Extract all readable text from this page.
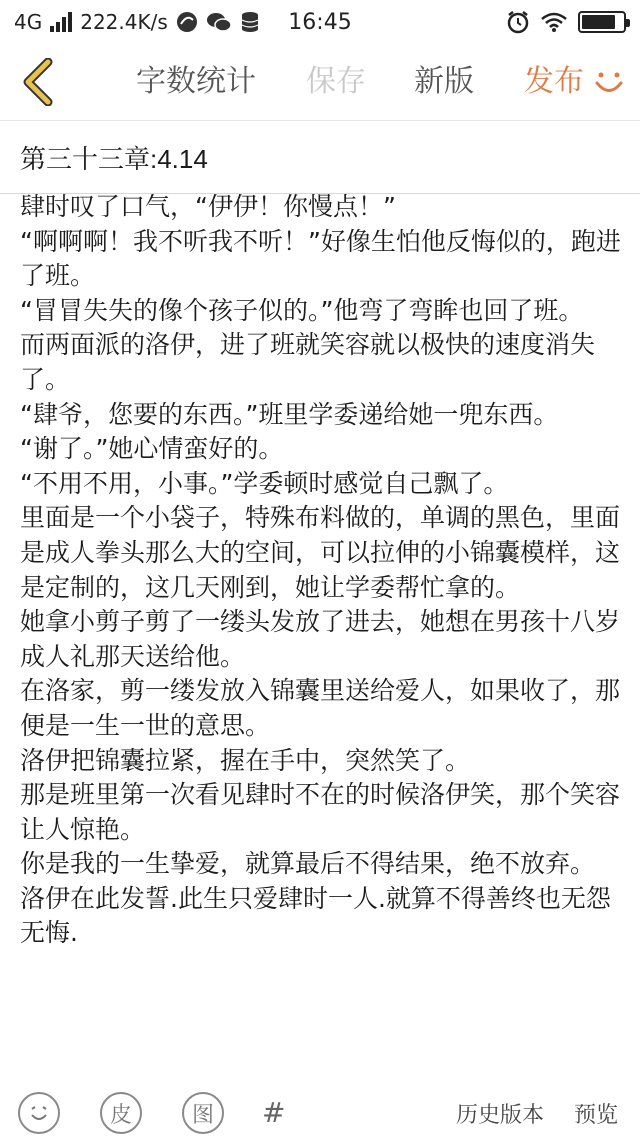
4G 222.4K/s	16:45
字数统计 保存 新版 发布
第三十三章:4.14
肆时叹了口气，“伊伊！你慢点！”
“啊啊啊！我不听我不听！”好像生怕他反悔似的，跑进了班。
“冒冒失失的像个孩子似的。”他弯了弯眸也回了班。
而两面派的洛伊，进了班就笑容就以极快的速度消失了。
“肆爷，您要的东西。”班里学委递给她一兜东西。
“谢了。”她心情蛮好的。
“不用不用，小事。”学委顿时感觉自己飘了。
里面是一个小袋子，特殊布料做的，单调的黑色，里面是成人拳头那么大的空间，可以拉伸的小锦囊模样，这是定制的，这几天刚到，她让学委帮忙拿的。
她拿小剪子剪了一缕头发放了进去，她想在男孩十八岁成人礼那天送给他。
在洛家，剪一缕发放入锦囊里送给爱人，如果收了，那便是一生一世的意思。
洛伊把锦囊拉紧，握在手中，突然笑了。
那是班里第一次看见肆时不在的时候洛伊笑，那个笑容让人惊艳。
你是我的一生挚爱，就算最后不得结果，绝不放弃。
洛伊在此发誓.此生只爱肆时一人.就算不得善终也无怨无悔.
皮	图 #	历史版本 预览
